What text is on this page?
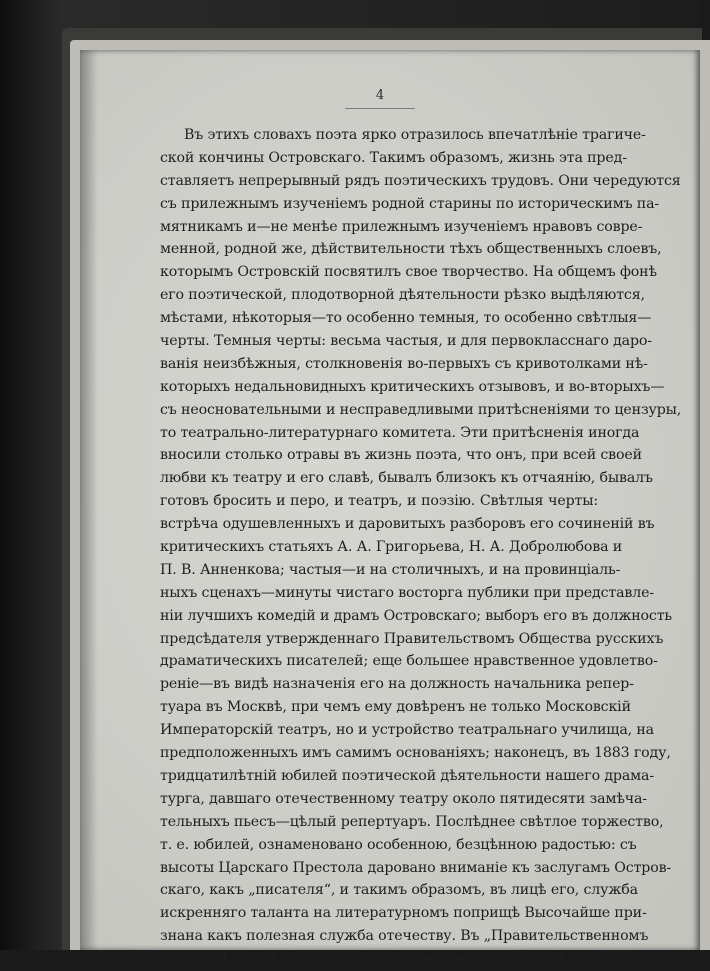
4
Въ этихъ словахъ поэта ярко отразилось впечатлѣніе трагиче-
ской кончины Островскаго. Такимъ образомъ, жизнь эта пред-
ставляетъ непрерывный рядъ поэтическихъ трудовъ. Они чередуются
съ прилежнымъ изученіемъ родной старины по историческимъ па-
мятникамъ и—не менѣе прилежнымъ изученіемъ нравовъ совре-
менной, родной же, дѣйствительности тѣхъ общественныхъ слоевъ,
которымъ Островскій посвятилъ свое творчество. На общемъ фонѣ
его поэтической, плодотворной дѣятельности рѣзко выдѣляются,
мѣстами, нѣкоторыя—то особенно темныя, то особенно свѣтлыя—
черты. Темныя черты: весьма частыя, и для первокласснаго даро-
ванія неизбѣжныя, столкновенія во-первыхъ съ кривотолками нѣ-
которыхъ недальновидныхъ критическихъ отзывовъ, и во-вторыхъ—
съ неосновательными и несправедливыми притѣсненіями то цензуры,
то театрально-литературнаго комитета. Эти притѣсненія иногда
вносили столько отравы въ жизнь поэта, что онъ, при всей своей
любви къ театру и его славѣ, бывалъ близокъ къ отчаянію, бывалъ
готовъ бросить и перо, и театръ, и поэзію. Свѣтлыя черты:
встрѣча одушевленныхъ и даровитыхъ разборовъ его сочиненій въ
критическихъ статьяхъ А. А. Григорьева, Н. А. Добролюбова и
П. В. Анненкова; частыя—и на столичныхъ, и на провинціаль-
ныхъ сценахъ—минуты чистаго восторга публики при представле-
ніи лучшихъ комедій и драмъ Островскаго; выборъ его въ должность
предсѣдателя утвержденнаго Правительствомъ Общества русскихъ
драматическихъ писателей; еще большее нравственное удовлетво-
реніе—въ видѣ назначенія его на должность начальника репер-
туара въ Москвѣ, при чемъ ему довѣренъ не только Московскій
Императорскій театръ, но и устройство театральнаго училища, на
предположенныхъ имъ самимъ основаніяхъ; наконецъ, въ 1883 году,
тридцатилѣтній юбилей поэтической дѣятельности нашего драма-
турга, давшаго отечественному театру около пятидесяти замѣча-
тельныхъ пьесъ—цѣлый репертуаръ. Послѣднее свѣтлое торжество,
т. е. юбилей, ознаменовано особенною, безцѣнною радостью: съ
высоты Царскаго Престола даровано вниманіе къ заслугамъ Остров-
скаго, какъ „писателя“, и такимъ образомъ, въ лицѣ его, служба
искренняго таланта на литературномъ поприщѣ Высочайше при-
знана какъ полезная служба отечеству. Въ „Правительственномъ
Вѣстникѣ“ 1884 г. января 30-го именно напечатано: „Государь
